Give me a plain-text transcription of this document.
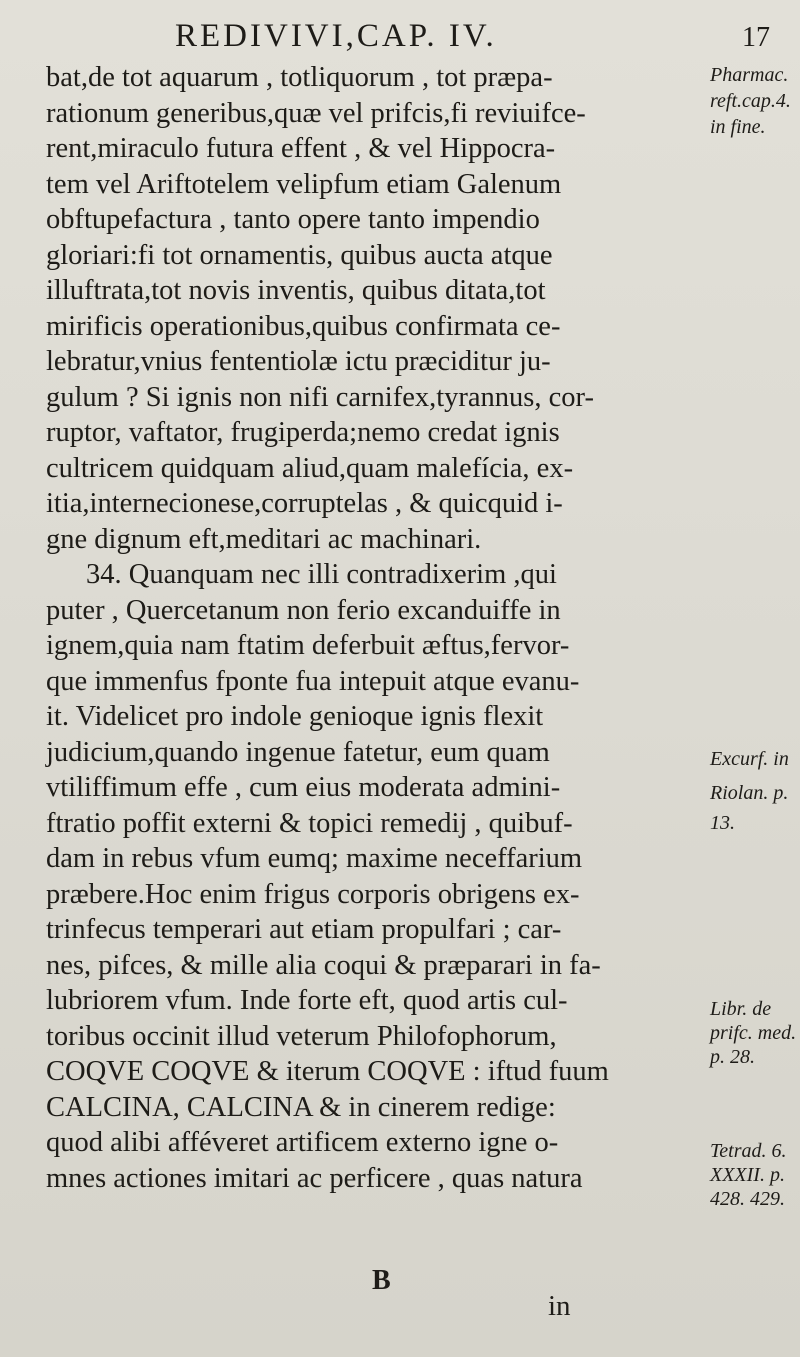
REDIVIVI,CAP. IV.	17
bat,de tot aquarum , totliquorum , tot præpa-
rationum generibus,quæ vel prifcis,fi reviuifce-
rent,miraculo futura effent , & vel Hippocra-
tem vel Ariftotelem velipfum etiam Galenum
obftupefactura , tanto opere tanto impendio
gloriari:fi tot ornamentis, quibus aucta atque
illuftrata,tot novis inventis, quibus ditata,tot
mirificis operationibus,quibus confirmata ce-
lebratur,vnius fententiolæ ictu præciditur ju-
gulum ? Si ignis non nifi carnifex,tyrannus, cor-
ruptor, vaftator, frugiperda;nemo credat ignis
cultricem quidquam aliud,quam malefícia, ex-
itia,internecionese,corruptelas , & quicquid i-
gne dignum eft,meditari ac machinari.
34. Quanquam nec illi contradixerim ,qui
puter , Quercetanum non ferio excanduiffe in
ignem,quia nam ftatim deferbuit æftus,fervor-
que immenfus fponte fua intepuit atque evanu-
it. Videlicet pro indole genioque ignis flexit
judicium,quando ingenue fatetur, eum quam
vtiliffimum effe , cum eius moderata admini-
ftratio poffit externi & topici remedij , quibuf-
dam in rebus vfum eumq; maxime neceffarium
præbere.Hoc enim frigus corporis obrigens ex-
trinfecus temperari aut etiam propulfari ; car-
nes, pifces, & mille alia coqui & præparari in fa-
lubriorem vfum. Inde forte eft, quod artis cul-
toribus occinit illud veterum Philofophorum,
COQVE COQVE & iterum COQVE : iftud fuum
CALCINA, CALCINA & in cinerem redige:
quod alibi afféveret artificem externo igne o-
mnes actiones imitari ac perficere , quas natura
Pharmac.
reft.cap.4.
in fine.
Excurf. in
Riolan. p.
13.
Libr. de
prifc. med.
p. 28.
Tetrad. 6.
XXXII. p.
428. 429.
B
in
